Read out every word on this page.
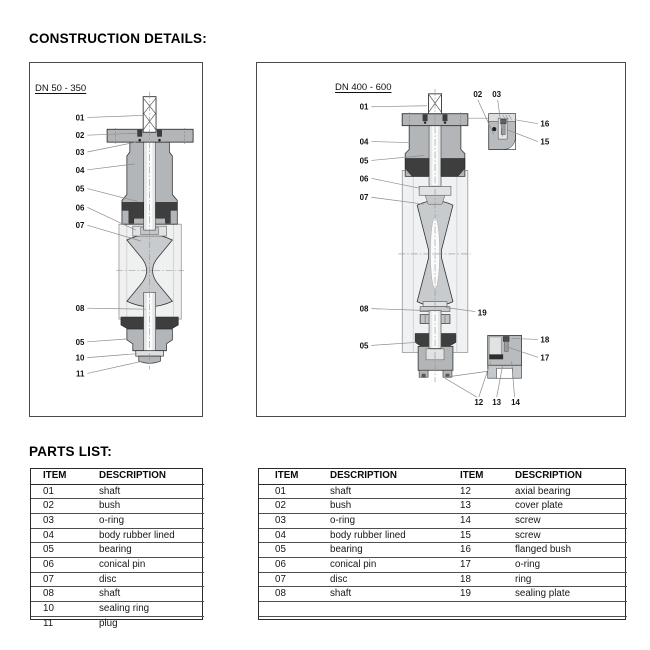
CONSTRUCTION DETAILS:
PARTS LIST:
DN 50 - 350
01
02
03
04
05
06
07
08
05
10
11
DN 400 - 600
01
04
05
06
07
02 03
16
15
08	19
05
18
17
12 13 14
ITEM	DESCRIPTION
01	shaft
02	bush
03	o-ring
04	body rubber lined
05	bearing
06	conical pin
07	disc
08	shaft
10	sealing ring
11	plug
ITEM	DESCRIPTION	ITEM	DESCRIPTION
01	shaft	12	axial bearing
02	bush	13	cover plate
03	o-ring	14	screw
04	body rubber lined	15	screw
05	bearing	16	flanged bush
06	conical pin	17	o-ring
07	disc	18	ring
08	shaft	19	sealing plate
